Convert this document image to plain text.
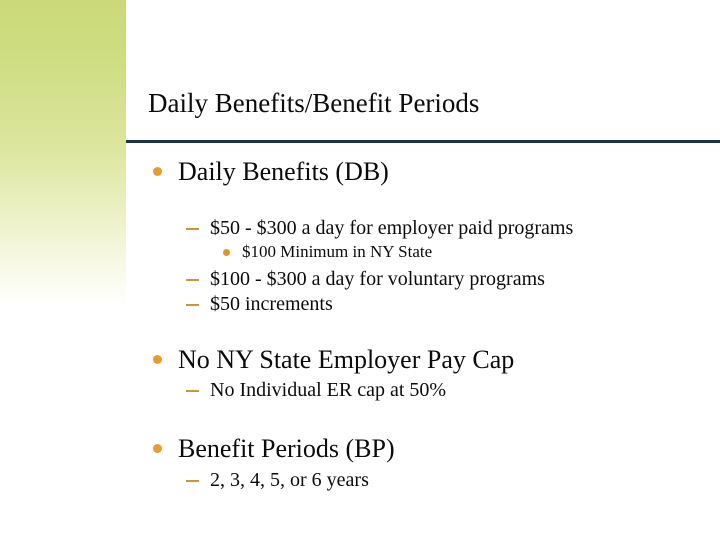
Daily Benefits/Benefit Periods
Daily Benefits (DB)
$50 - $300 a day for employer paid programs
$100 Minimum in NY State
$100 - $300 a day for voluntary programs
$50 increments
No NY State Employer Pay Cap
No Individual ER cap at 50%
Benefit Periods (BP)
2, 3, 4, 5, or 6 years
